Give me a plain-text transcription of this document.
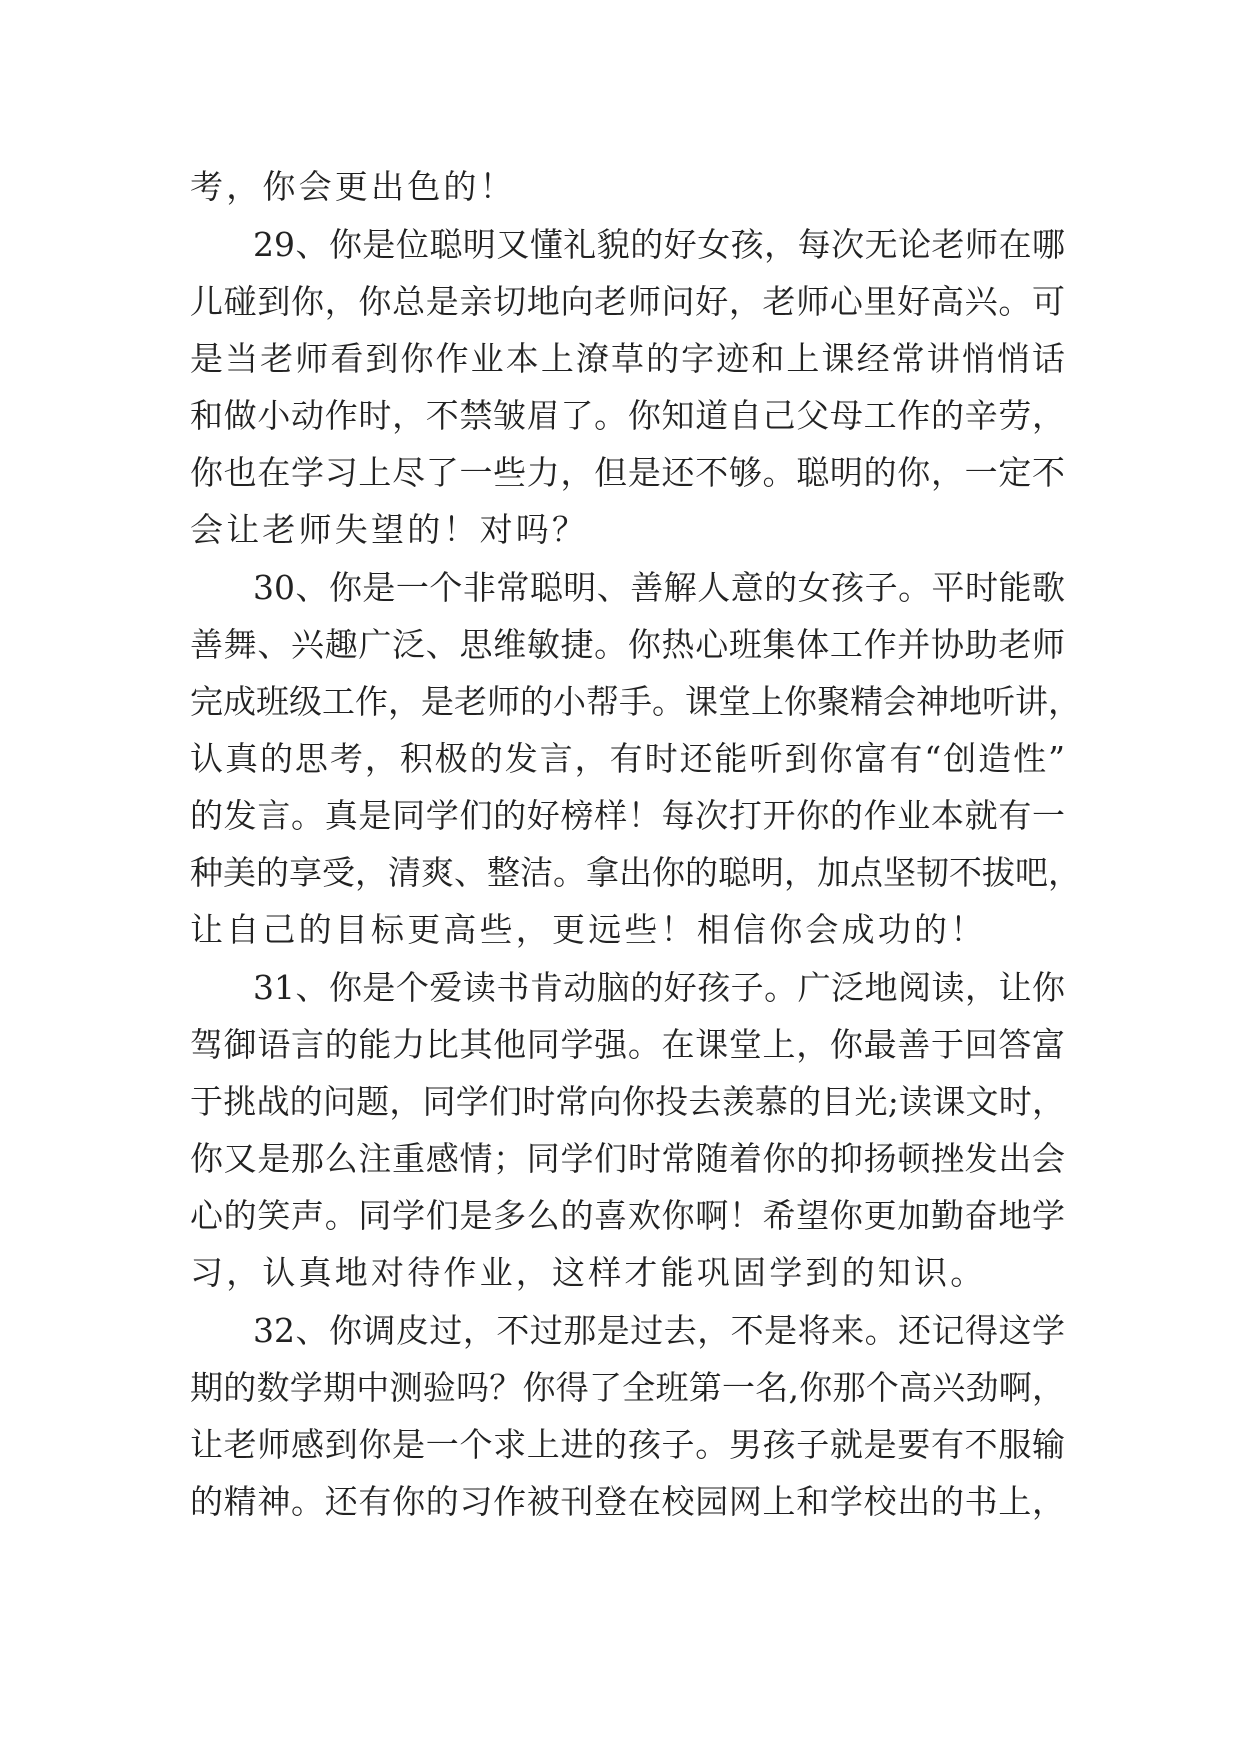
考，你会更出色的！
29、你是位聪明又懂礼貌的好女孩，每次无论老师在哪
儿碰到你，你总是亲切地向老师问好，老师心里好高兴。可
是当老师看到你作业本上潦草的字迹和上课经常讲悄悄话
和做小动作时，不禁皱眉了。你知道自己父母工作的辛劳，
你也在学习上尽了一些力，但是还不够。聪明的你，一定不
会让老师失望的！对吗？
30、你是一个非常聪明、善解人意的女孩子。平时能歌
善舞、兴趣广泛、思维敏捷。你热心班集体工作并协助老师
完成班级工作，是老师的小帮手。课堂上你聚精会神地听讲，
认真的思考，积极的发言，有时还能听到你富有“创造性”
的发言。真是同学们的好榜样！每次打开你的作业本就有一
种美的享受，清爽、整洁。拿出你的聪明，加点坚韧不拔吧，
让自己的目标更高些，更远些！相信你会成功的！
31、你是个爱读书肯动脑的好孩子。广泛地阅读，让你
驾御语言的能力比其他同学强。在课堂上，你最善于回答富
于挑战的问题，同学们时常向你投去羡慕的目光;读课文时，
你又是那么注重感情；同学们时常随着你的抑扬顿挫发出会
心的笑声。同学们是多么的喜欢你啊！希望你更加勤奋地学
习，认真地对待作业，这样才能巩固学到的知识。
32、你调皮过，不过那是过去，不是将来。还记得这学
期的数学期中测验吗？你得了全班第一名,你那个高兴劲啊，
让老师感到你是一个求上进的孩子。男孩子就是要有不服输
的精神。还有你的习作被刊登在校园网上和学校出的书上，
